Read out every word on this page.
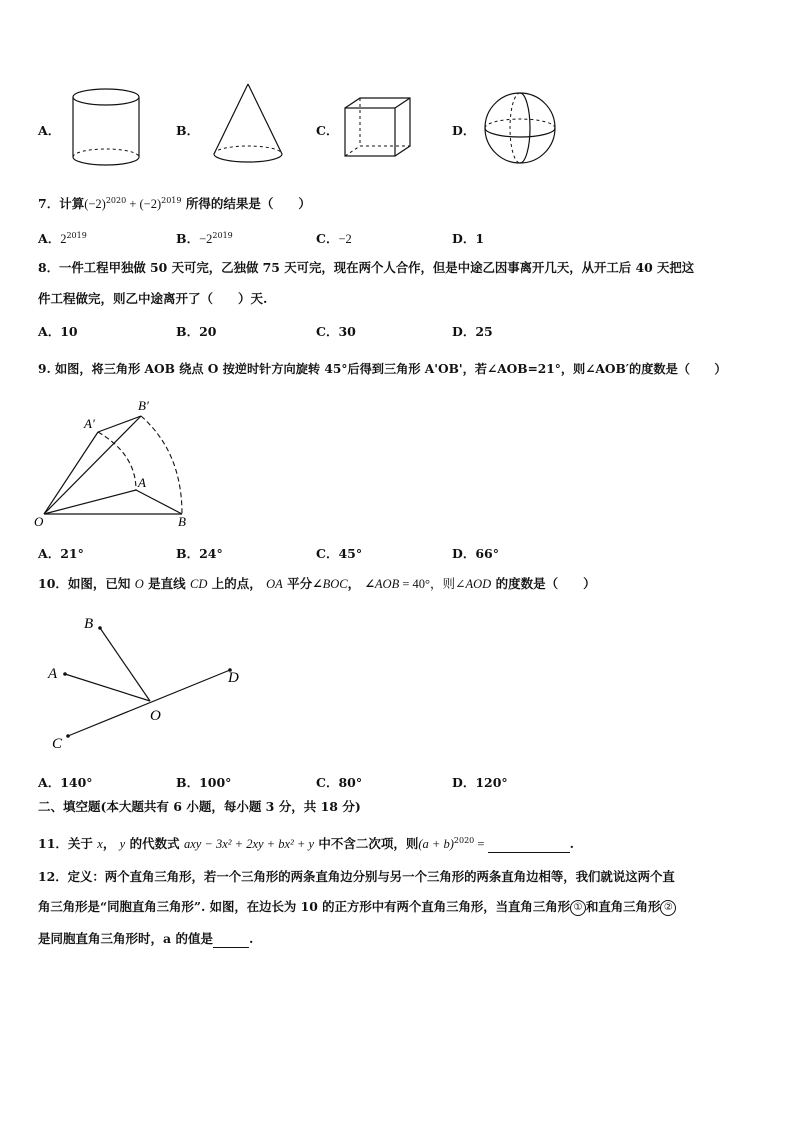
A．	B．	C．	D．
7．计算$(-2)^{2020} + (-2)^{2019}$ 所得的结果是（　　）
A．$2^{2019}$	B．$-2^{2019}$	C．−2	D．1
8．一件工程甲独做 50 天可完，乙独做 75 天可完，现在两个人合作，但是中途乙因事离开几天，从开工后 40 天把这
件工程做完，则乙中途离开了（　　）天.
A．10	B．20	C．30	D．25
9. 如图，将三角形 AOB 绕点 O 按逆时针方向旋转 45°后得到三角形 A'OB'，若∠AOB=21°，则∠AOB′的度数是（　　）
B′
A′
A
O	B
A．21°	B．24°	C．45°	D．66°
10．如图，已知 O 是直线 CD 上的点， OA 平分∠BOC， ∠AOB = 40°，则∠AOD 的度数是（　　）
B
A	D
O
C
A．140°	B．100°	C．80°	D．120°
二、填空题(本大题共有 6 小题，每小题 3 分，共 18 分)
11．关于 x， y 的代数式 axy − 3x² + 2xy + bx² + y 中不含二次项，则$(a + b)^{2020}$ =	.
12．定义：两个直角三角形，若一个三角形的两条直角边分别与另一个三角形的两条直角边相等，我们就说这两个直
角三角形是“同胞直角三角形”. 如图，在边长为 10 的正方形中有两个直角三角形，当直角三角形 ① 和直角三角形 ②
是同胞直角三角形时，a 的值是	.
